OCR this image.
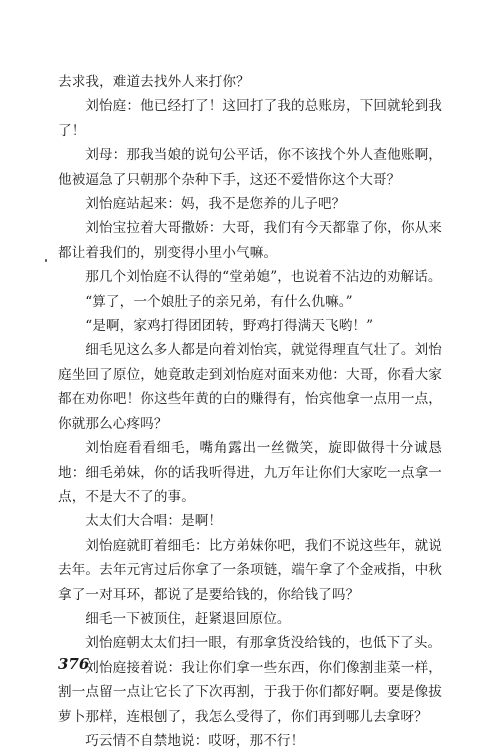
去求我，难道去找外人来打你？

刘怡庭：他已经打了！这回打了我的总账房，下回就轮到我了！

刘母：那我当娘的说句公平话，你不该找个外人查他账啊，他被逼急了只朝那个杂种下手，这还不爱惜你这个大哥？

刘怡庭站起来：妈，我不是您养的儿子吧？

刘怡宝拉着大哥撒娇：大哥，我们有今天都靠了你，你从来都让着我们的，别变得小里小气嘛。

那几个刘怡庭不认得的“堂弟媳”，也说着不沾边的劝解话。

“算了，一个娘肚子的亲兄弟，有什么仇嘛。”

“是啊，家鸡打得团团转，野鸡打得满天飞哟！”

细毛见这么多人都是向着刘怡宾，就觉得理直气壮了。刘怡庭坐回了原位，她竟敢走到刘怡庭对面来劝他：大哥，你看大家都在劝你吧！你这些年黄的白的赚得有，怡宾他拿一点用一点，你就那么心疼吗？

刘怡庭看看细毛，嘴角露出一丝微笑，旋即做得十分诚恳地：细毛弟妹，你的话我听得进，九万年让你们大家吃一点拿一点，不是大不了的事。

太太们大合唱：是啊！

刘怡庭就盯着细毛：比方弟妹你吧，我们不说这些年，就说去年。去年元宵过后你拿了一条项链，端午拿了个金戒指，中秋拿了一对耳环，都说了是要给钱的，你给钱了吗？

细毛一下被顶住，赶紧退回原位。

刘怡庭朝太太们扫一眼，有那拿货没给钱的，也低下了头。

刘怡庭接着说：我让你们拿一些东西，你们像割韭菜一样，割一点留一点让它长了下次再割，于我于你们都好啊。要是像拔萝卜那样，连根刨了，我怎么受得了，你们再到哪儿去拿呀？

巧云情不自禁地说：哎呀，那不行！

376
